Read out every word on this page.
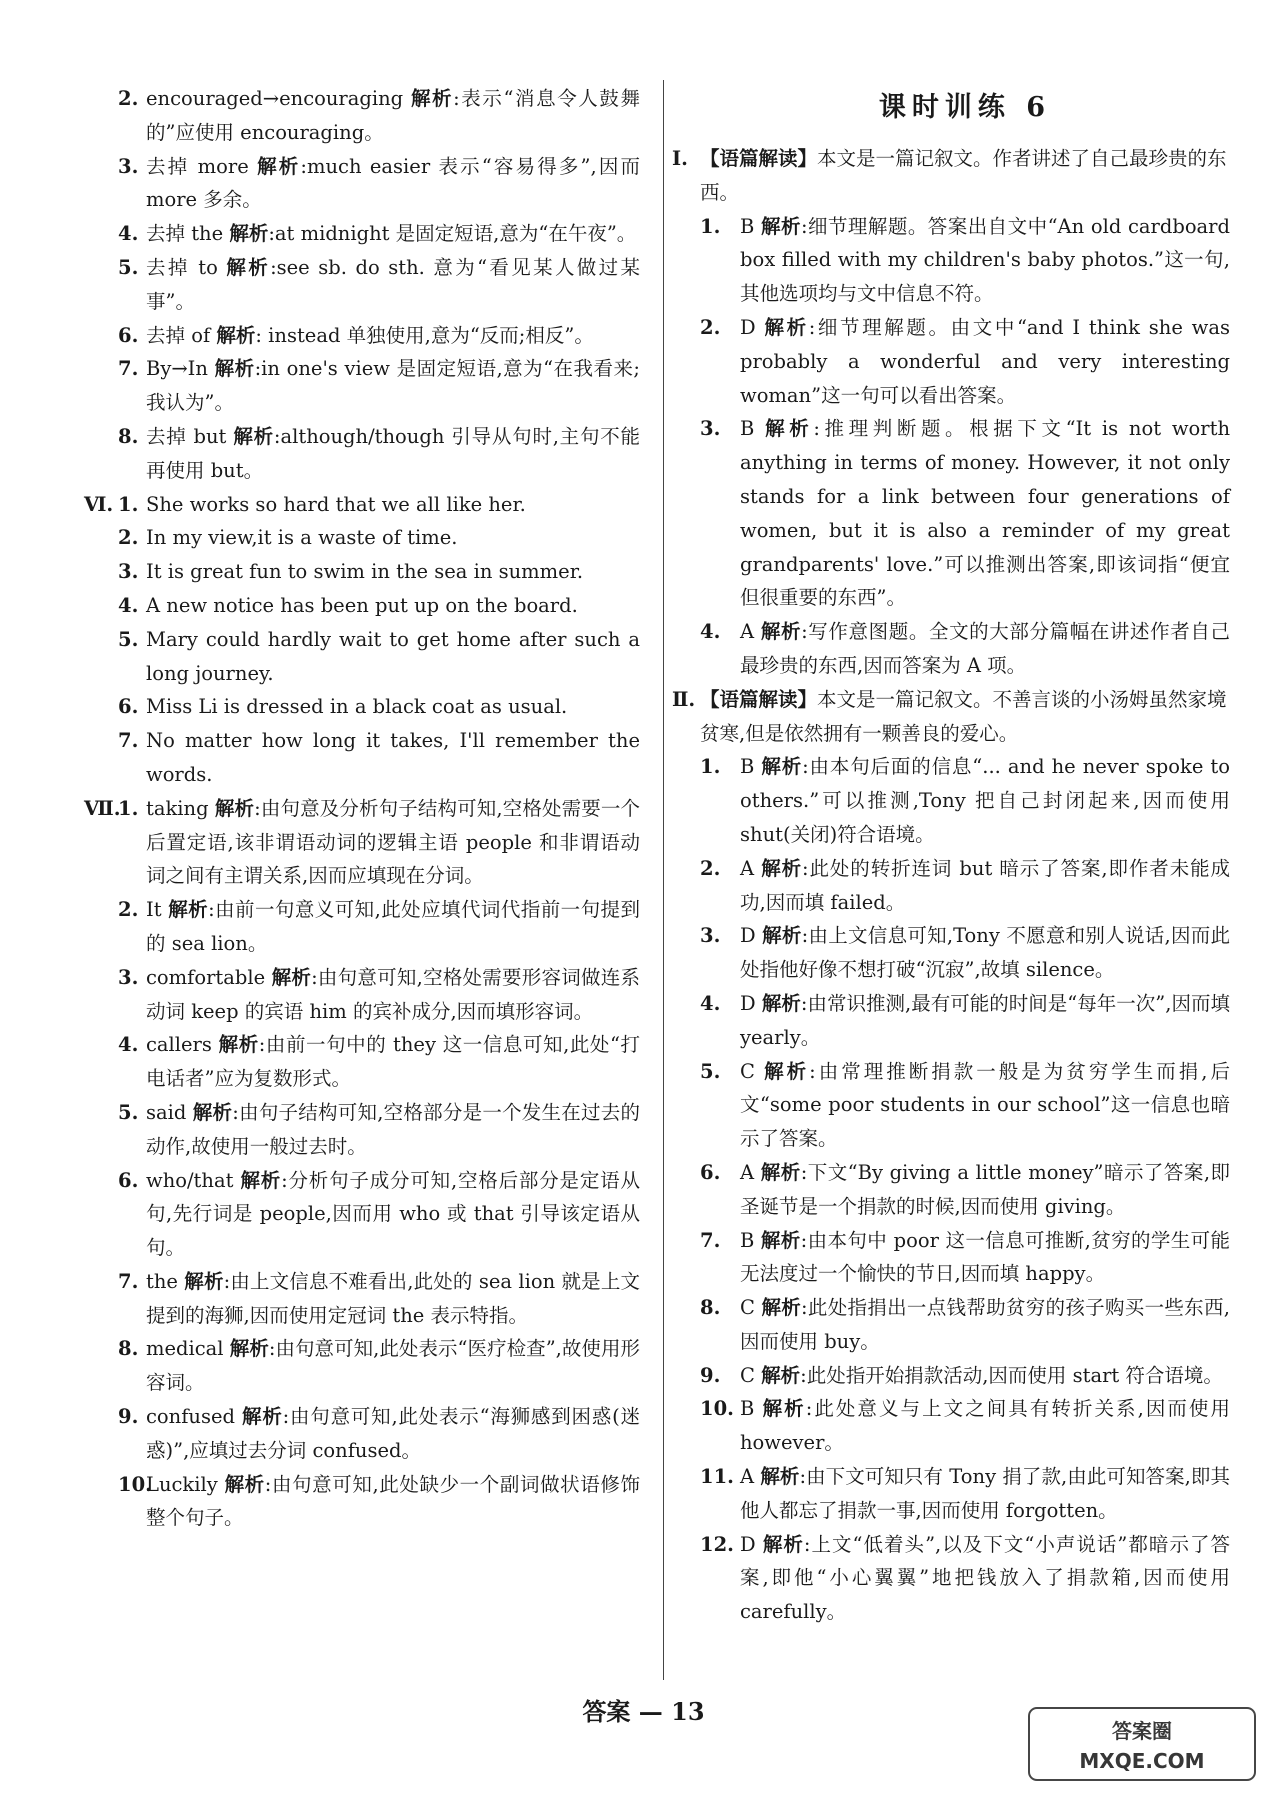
2. encouraged→encouraging 解析:表示“消息令人鼓舞的”应使用 encouraging。
3. 去掉 more 解析:much easier 表示“容易得多”,因而 more 多余。
4. 去掉 the 解析:at midnight 是固定短语,意为“在午夜”。
5. 去掉 to 解析:see sb. do sth. 意为“看见某人做过某事”。
6. 去掉 of 解析: instead 单独使用,意为“反而;相反”。
7. By→In 解析:in one's view 是固定短语,意为“在我看来;我认为”。
8. 去掉 but 解析:although/though 引导从句时,主句不能再使用 but。
Ⅵ. 1. She works so hard that we all like her.
2. In my view,it is a waste of time.
3. It is great fun to swim in the sea in summer.
4. A new notice has been put up on the board.
5. Mary could hardly wait to get home after such a long journey.
6. Miss Li is dressed in a black coat as usual.
7. No matter how long it takes, I'll remember the words.
Ⅶ.
1. taking 解析:由句意及分析句子结构可知,空格处需要一个后置定语,该非谓语动词的逻辑主语 people 和非谓语动词之间有主谓关系,因而应填现在分词。
2. It 解析:由前一句意义可知,此处应填代词代指前一句提到的 sea lion。
3. comfortable 解析:由句意可知,空格处需要形容词做连系动词 keep 的宾语 him 的宾补成分,因而填形容词。
4. callers 解析:由前一句中的 they 这一信息可知,此处“打电话者”应为复数形式。
5. said 解析:由句子结构可知,空格部分是一个发生在过去的动作,故使用一般过去时。
6. who/that 解析:分析句子成分可知,空格后部分是定语从句,先行词是 people,因而用 who 或 that 引导该定语从句。
7. the 解析:由上文信息不难看出,此处的 sea lion 就是上文提到的海狮,因而使用定冠词 the 表示特指。
8. medical 解析:由句意可知,此处表示“医疗检查”,故使用形容词。
9. confused 解析:由句意可知,此处表示“海狮感到困惑(迷惑)”,应填过去分词 confused。
10.
Luckily 解析:由句意可知,此处缺少一个副词做状语修饰整个句子。
课时训练 6
Ⅰ. 【语篇解读】本文是一篇记叙文。作者讲述了自己最珍贵的东西。
1. B 解析:细节理解题。答案出自文中“An old cardboard box filled with my children's baby photos.”这一句,其他选项均与文中信息不符。
2. D 解析:细节理解题。由文中“and I think she was probably a wonderful and very interesting woman”这一句可以看出答案。
3. B 解析:推理判断题。根据下文“It is not worth anything in terms of money. However, it not only stands for a link between four generations of women, but it is also a reminder of my great grandparents' love.”可以推测出答案,即该词指“便宜但很重要的东西”。
4. A 解析:写作意图题。全文的大部分篇幅在讲述作者自己最珍贵的东西,因而答案为 A 项。
Ⅱ. 【语篇解读】本文是一篇记叙文。不善言谈的小汤姆虽然家境贫寒,但是依然拥有一颗善良的爱心。
1. B 解析:由本句后面的信息“... and he never spoke to others.”可以推测,Tony 把自己封闭起来,因而使用 shut(关闭)符合语境。
2. A 解析:此处的转折连词 but 暗示了答案,即作者未能成功,因而填 failed。
3. D 解析:由上文信息可知,Tony 不愿意和别人说话,因而此处指他好像不想打破“沉寂”,故填 silence。
4. D 解析:由常识推测,最有可能的时间是“每年一次”,因而填 yearly。
5. C 解析:由常理推断捐款一般是为贫穷学生而捐,后文“some poor students in our school”这一信息也暗示了答案。
6. A 解析:下文“By giving a little money”暗示了答案,即圣诞节是一个捐款的时候,因而使用 giving。
7. B 解析:由本句中 poor 这一信息可推断,贫穷的学生可能无法度过一个愉快的节日,因而填 happy。
8. C 解析:此处指捐出一点钱帮助贫穷的孩子购买一些东西,因而使用 buy。
9. C 解析:此处指开始捐款活动,因而使用 start 符合语境。
10. B 解析:此处意义与上文之间具有转折关系,因而使用 however。
11. A 解析:由下文可知只有 Tony 捐了款,由此可知答案,即其他人都忘了捐款一事,因而使用 forgotten。
12. D 解析:上文“低着头”,以及下文“小声说话”都暗示了答案,即他“小心翼翼”地把钱放入了捐款箱,因而使用 carefully。
答案 — 13
答案圈
MXQE.COM
